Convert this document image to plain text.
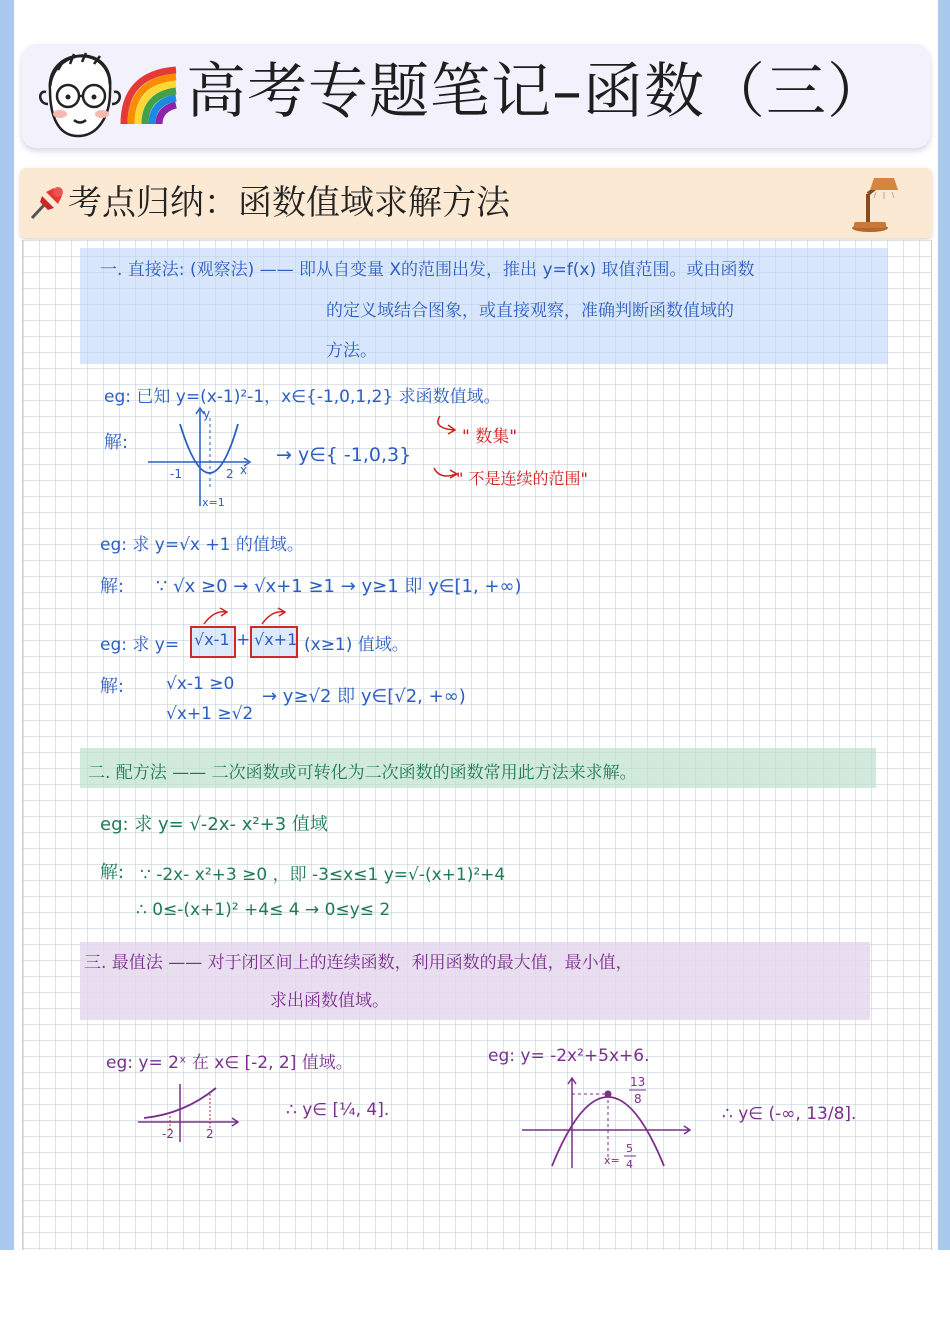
高考专题笔记–函数（三）
考点归纳：函数值域求解方法
一. 直接法: (观察法) —— 即从自变量 X的范围出发，推出 y=f(x) 取值范围。或由函数
的定义域结合图象，或直接观察，准确判断函数值域的
方法。
eg: 已知 y=(x-1)²-1，x∈{-1,0,1,2} 求函数值域。
解:
y
x
-1	2
x=1
→ y∈{ -1,0,3}
" 数集"
" 不是连续的范围"
eg: 求 y=√x +1 的值域。
解: ∵ √x ≥0 → √x+1 ≥1 → y≥1 即 y∈[1, +∞)
eg: 求 y= √x-1 + √x+1 (x≥1) 值域。
解: √x-1 ≥0
√x+1 ≥√2
→ y≥√2 即 y∈[√2, +∞)
二. 配方法 —— 二次函数或可转化为二次函数的函数常用此方法来求解。
eg: 求 y= √-2x- x²+3 值域
解: ∵ -2x- x²+3 ≥0 ，即 -3≤x≤1 y=√-(x+1)²+4
∴ 0≤-(x+1)² +4≤ 4 → 0≤y≤ 2
三. 最值法 —— 对于闭区间上的连续函数，利用函数的最大值，最小值，
求出函数值域。
eg: y= 2ˣ 在 x∈ [-2, 2] 值域。
-2	2
∴ y∈ [¼, 4].
eg: y= -2x²+5x+6.
13
8
x=
5
4
∴ y∈ (-∞, 13/8].
